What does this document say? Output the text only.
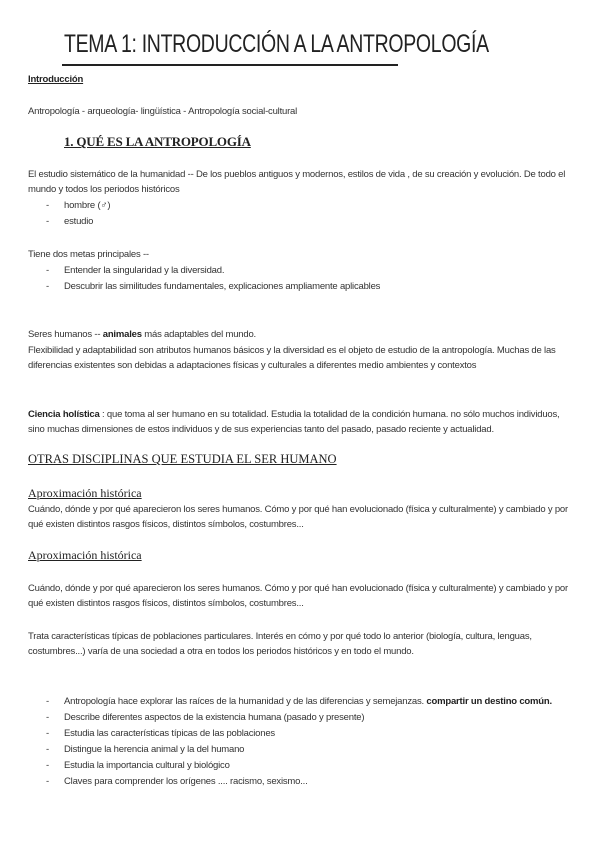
TEMA 1: INTRODUCCIÓN A LA ANTROPOLOGÍA
Introducción
Antropología - arqueología- lingüística - Antropología social-cultural
1. QUÉ ES LA ANTROPOLOGÍA
El estudio sistemático de la humanidad -- De los pueblos antiguos y modernos, estilos de vida , de su creación y evolución. De todo el mundo y todos los periodos históricos
- hombre (♂)
- estudio
Tiene dos metas principales --
- Entender la singularidad y la diversidad.
- Descubrir las similitudes fundamentales, explicaciones ampliamente aplicables
Seres humanos -- animales más adaptables del mundo.
Flexibilidad y adaptabilidad son atributos humanos básicos y la diversidad es el objeto de estudio de la antropología. Muchas de las diferencias existentes son debidas a adaptaciones físicas y culturales a diferentes medio ambientes y contextos
Ciencia holística : que toma al ser humano en su totalidad. Estudia la totalidad de la condición humana. no sólo muchos individuos, sino muchas dimensiones de estos individuos y de sus experiencias tanto del pasado, pasado reciente y actualidad.
OTRAS DISCIPLINAS QUE ESTUDIA EL SER HUMANO
Aproximación histórica
Cuándo, dónde y por qué aparecieron los seres humanos. Cómo y por qué han evolucionado (física y culturalmente) y cambiado y por qué existen distintos rasgos físicos, distintos símbolos, costumbres...
Aproximación histórica
Cuándo, dónde y por qué aparecieron los seres humanos. Cómo y por qué han evolucionado (física y culturalmente) y cambiado y por qué existen distintos rasgos físicos, distintos símbolos, costumbres...
Trata características típicas de poblaciones particulares. Interés en cómo y por qué todo lo anterior (biología, cultura, lenguas, costumbres...) varía de una sociedad a otra en todos los periodos históricos y en todo el mundo.
- Antropología hace explorar las raíces de la humanidad y de las diferencias y semejanzas. compartir un destino común.
- Describe diferentes aspectos de la existencia humana (pasado y presente)
- Estudia las características típicas de las poblaciones
- Distingue la herencia animal y la del humano
- Estudia la importancia cultural y biológico
- Claves para comprender los orígenes .... racismo, sexismo...
